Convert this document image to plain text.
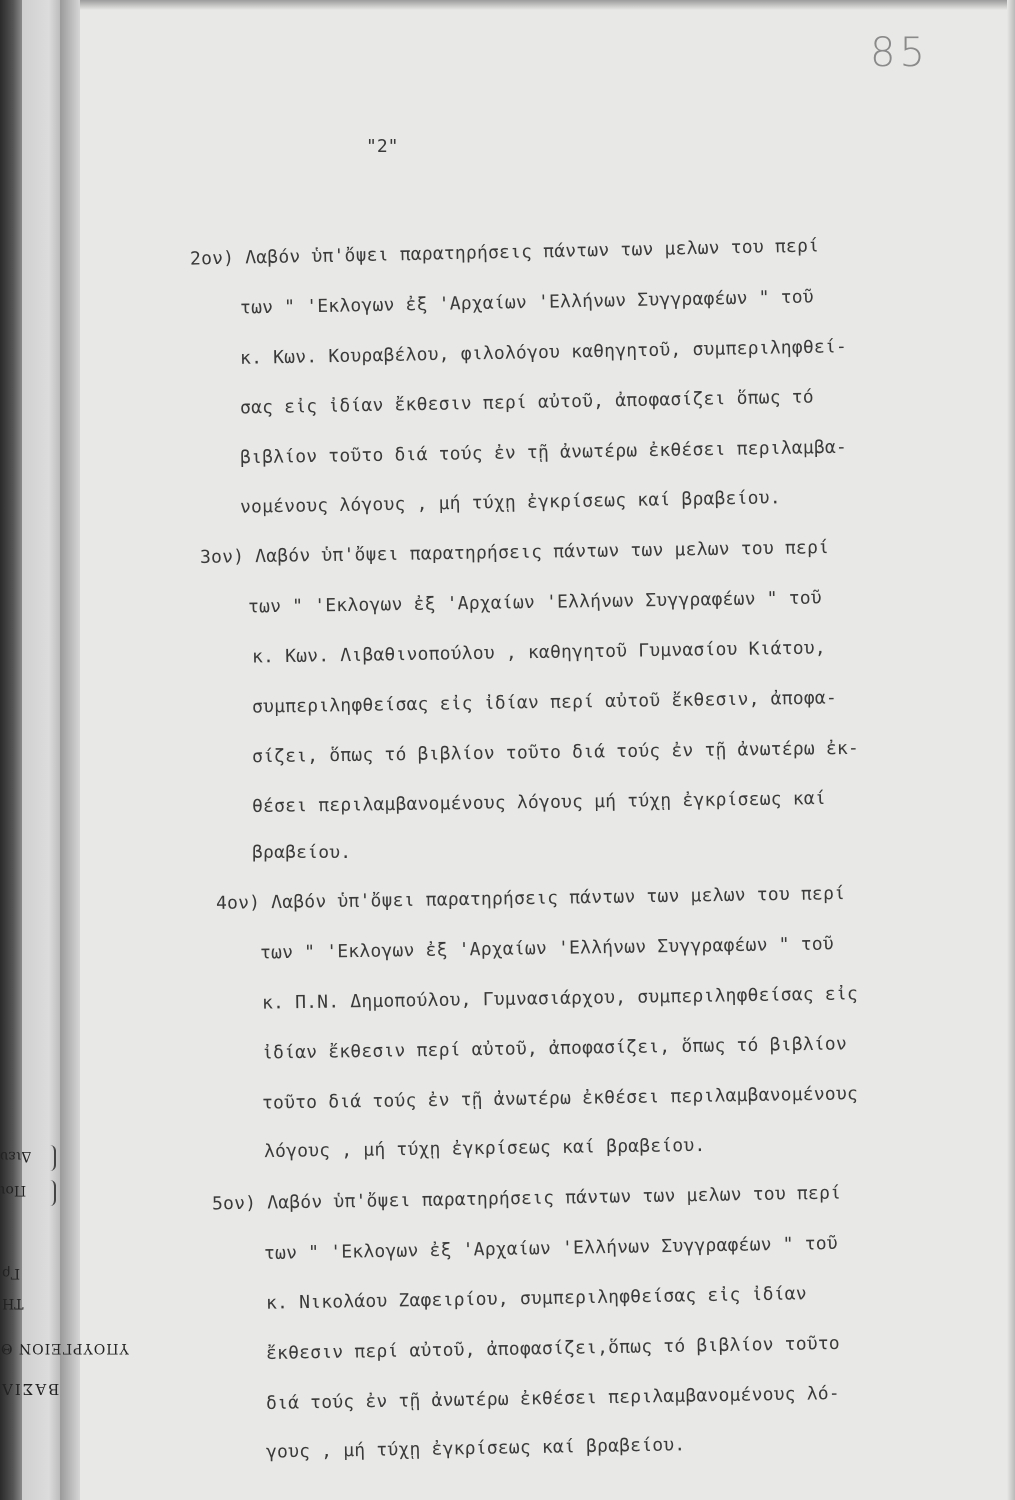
Διευ
Ποι
Γρ
ΤΗ
ΥΠΟΥΡΓΕΙΟΝ Θ
ΒΑΣΙΛ
85
"2"
2ον) Λαβόν ὑπ'ὄψει παρατηρήσεις πάντων των μελων του περί
των " 'Εκλογων ἐξ 'Αρχαίων 'Ελλήνων Συγγραφέων " τοῦ
κ. Κων. Κουραβέλου, φιλολόγου καθηγητοῦ, συμπεριληφθεί-
σας εἰς ἰδίαν ἔκθεσιν περί αὐτοῦ, ἀποφασίζει ὅπως τό
βιβλίον τοῦτο διά τούς ἐν τῇ ἀνωτέρω ἐκθέσει περιλαμβα-
νομένους λόγους , μή τύχῃ ἐγκρίσεως καί βραβείου.
3ον) Λαβόν ὑπ'ὄψει παρατηρήσεις πάντων των μελων του περί
των " 'Εκλογων ἐξ 'Αρχαίων 'Ελλήνων Συγγραφέων " τοῦ
κ. Κων. Λιβαθινοπούλου , καθηγητοῦ Γυμνασίου Κιάτου,
συμπεριληφθείσας εἰς ἰδίαν περί αὐτοῦ ἔκθεσιν, ἀποφα-
σίζει, ὅπως τό βιβλίον τοῦτο διά τούς ἐν τῇ ἀνωτέρω ἐκ-
θέσει περιλαμβανομένους λόγους μή τύχῃ ἐγκρίσεως καί
βραβείου.
4ον) Λαβόν ὑπ'ὄψει παρατηρήσεις πάντων των μελων του περί
των " 'Εκλογων ἐξ 'Αρχαίων 'Ελλήνων Συγγραφέων " τοῦ
κ. Π.Ν. Δημοπούλου, Γυμνασιάρχου, συμπεριληφθείσας εἰς
ἰδίαν ἔκθεσιν περί αὐτοῦ, ἀποφασίζει, ὅπως τό βιβλίον
τοῦτο διά τούς ἐν τῇ ἀνωτέρω ἐκθέσει περιλαμβανομένους
λόγους , μή τύχῃ ἐγκρίσεως καί βραβείου.
5ον) Λαβόν ὑπ'ὄψει παρατηρήσεις πάντων των μελων του περί
των " 'Εκλογων ἐξ 'Αρχαίων 'Ελλήνων Συγγραφέων " τοῦ
κ. Νικολάου Ζαφειρίου, συμπεριληφθείσας εἰς ἰδίαν
ἔκθεσιν περί αὐτοῦ, ἀποφασίζει,ὅπως τό βιβλίον τοῦτο
διά τούς ἐν τῇ ἀνωτέρω ἐκθέσει περιλαμβανομένους λό-
γους , μή τύχῃ ἐγκρίσεως καί βραβείου.
